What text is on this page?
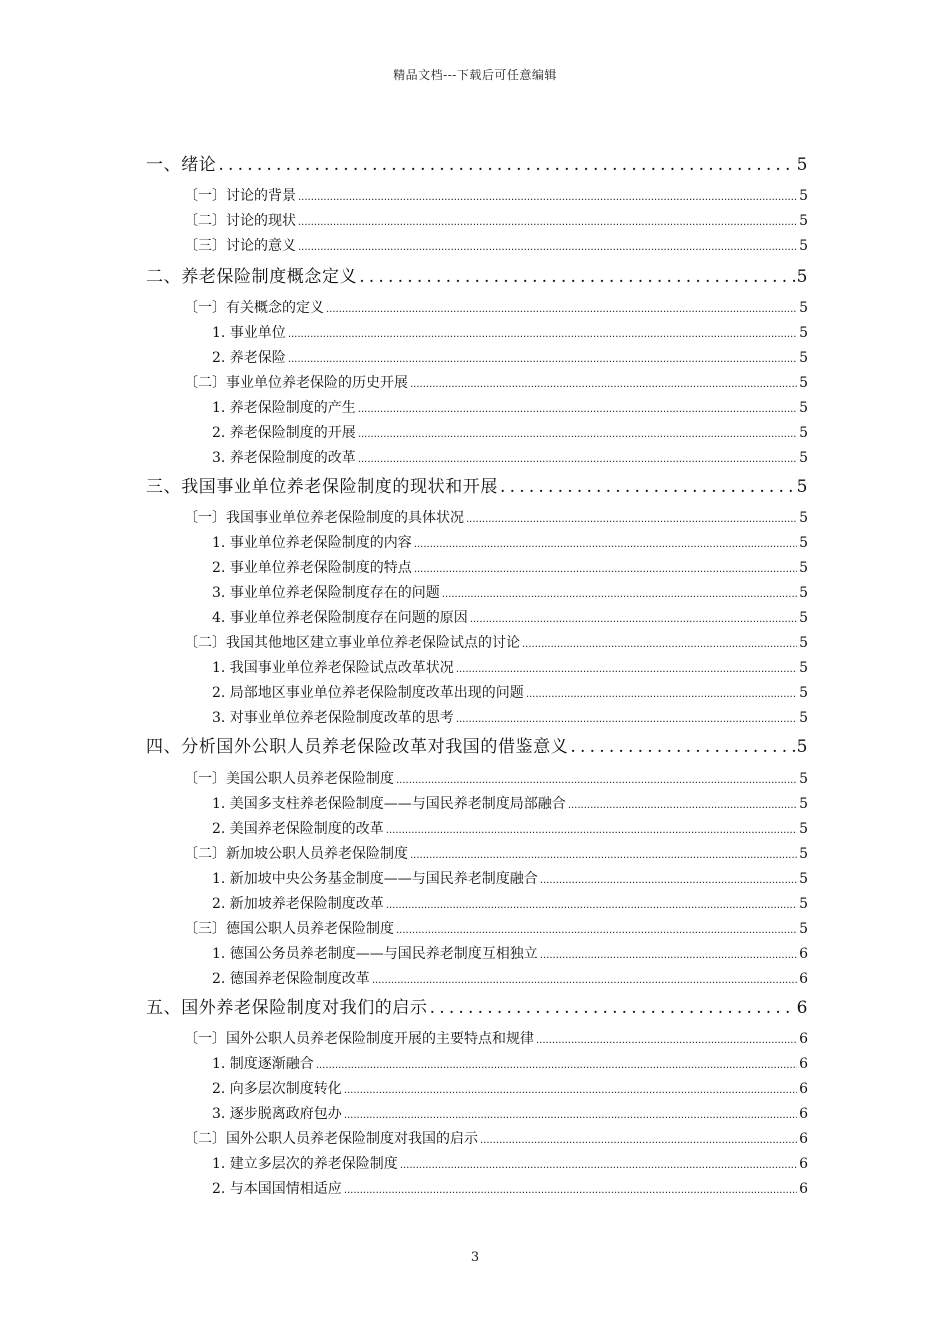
精品文档---下载后可任意编辑
一、 绪论 .....	5
〔一〕讨论的背景 .....	5
〔二〕讨论的现状 .....	5
〔三〕讨论的意义 .....	5
二、 养老保险制度概念定义 .....	5
〔一〕有关概念的定义 .....	5
1. 事业单位 .....	5
2. 养老保险 .....	5
〔二〕事业单位养老保险的历史开展 .....	5
1. 养老保险制度的产生 .....	5
2. 养老保险制度的开展 .....	5
3. 养老保险制度的改革 .....	5
三、 我国事业单位养老保险制度的现状和开展 .....	5
〔一〕我国事业单位养老保险制度的具体状况 .....	5
1. 事业单位养老保险制度的内容 .....	5
2. 事业单位养老保险制度的特点 .....	5
3. 事业单位养老保险制度存在的问题 .....	5
4. 事业单位养老保险制度存在问题的原因 .....	5
〔二〕我国其他地区建立事业单位养老保险试点的讨论 .....	5
1. 我国事业单位养老保险试点改革状况 .....	5
2. 局部地区事业单位养老保险制度改革出现的问题 .....	5
3. 对事业单位养老保险制度改革的思考 .....	5
四、 分析国外公职人员养老保险改革对我国的借鉴意义 .....	5
〔一〕美国公职人员养老保险制度 .....	5
1. 美国多支柱养老保险制度——与国民养老制度局部融合 .....	5
2. 美国养老保险制度的改革 .....	5
〔二〕新加坡公职人员养老保险制度 .....	5
1. 新加坡中央公务基金制度——与国民养老制度融合 .....	5
2. 新加坡养老保险制度改革 .....	5
〔三〕德国公职人员养老保险制度 .....	5
1. 德国公务员养老制度——与国民养老制度互相独立 .....	6
2. 德国养老保险制度改革 .....	6
五、 国外养老保险制度对我们的启示 .....	6
〔一〕国外公职人员养老保险制度开展的主要特点和规律 .....	6
1. 制度逐渐融合 .....	6
2. 向多层次制度转化 .....	6
3. 逐步脱离政府包办 .....	6
〔二〕国外公职人员养老保险制度对我国的启示 .....	6
1. 建立多层次的养老保险制度 .....	6
2. 与本国国情相适应 .....	6
3
